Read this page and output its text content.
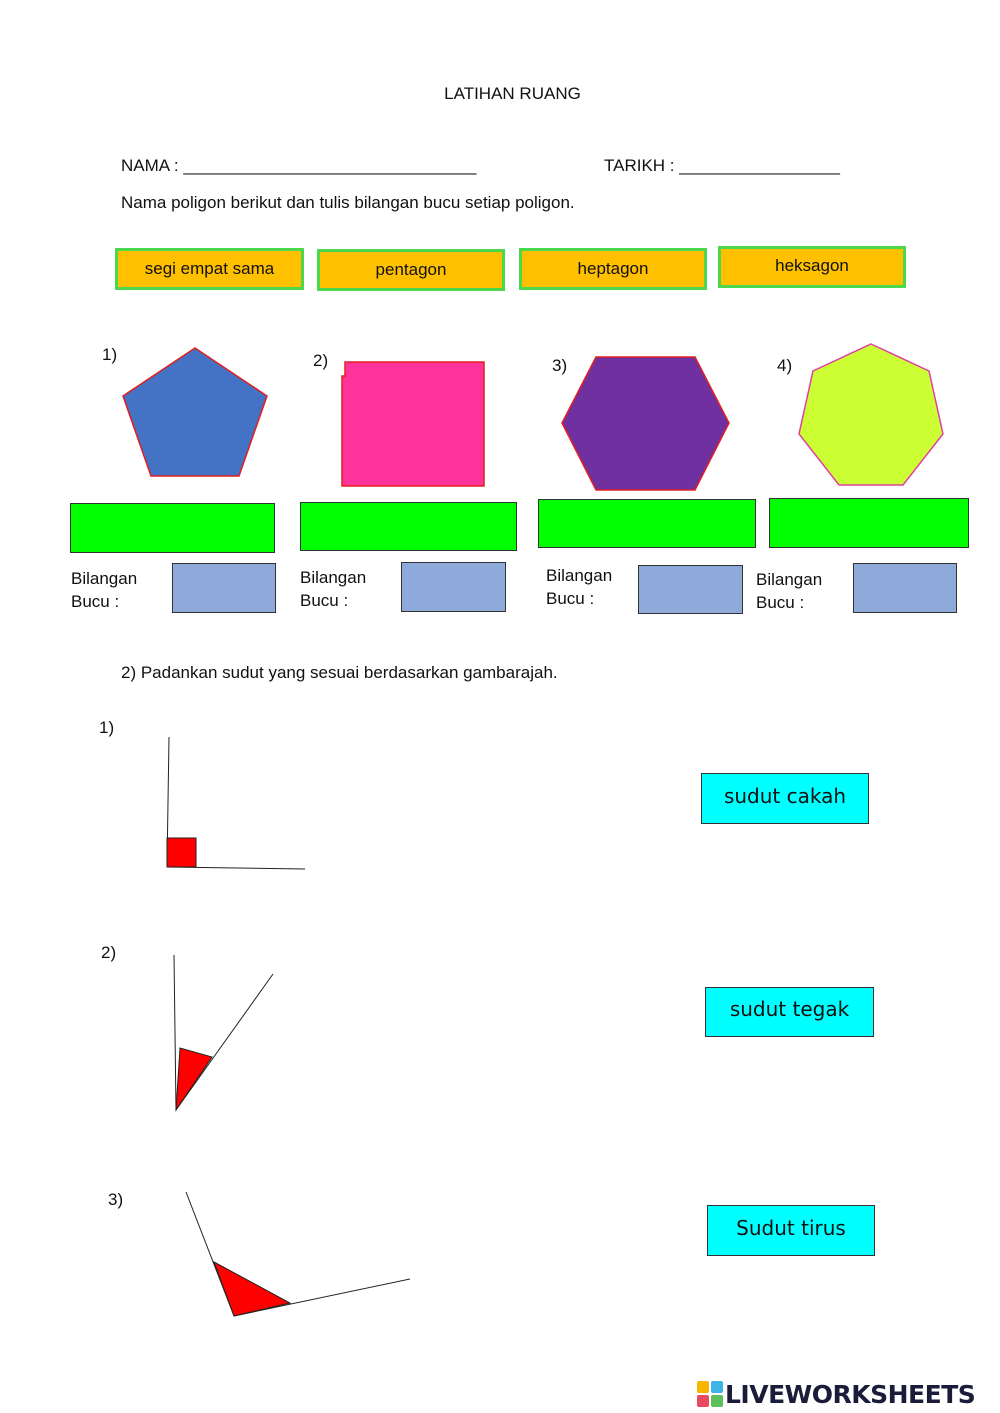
LATIHAN RUANG
NAMA : _______________________________	TARIKH : _________________
Nama poligon berikut dan tulis bilangan bucu setiap poligon.
segi empat sama	pentagon	heptagon	heksagon
1)	2)	3)	4)
Bilangan
Bucu :
Bilangan
Bucu :
Bilangan
Bucu :
Bilangan
Bucu :
2) Padankan sudut yang sesuai berdasarkan gambarajah.
1)
2)
3)
sudut cakah
sudut tegak
Sudut tirus
LIVEWORKSHEETS
